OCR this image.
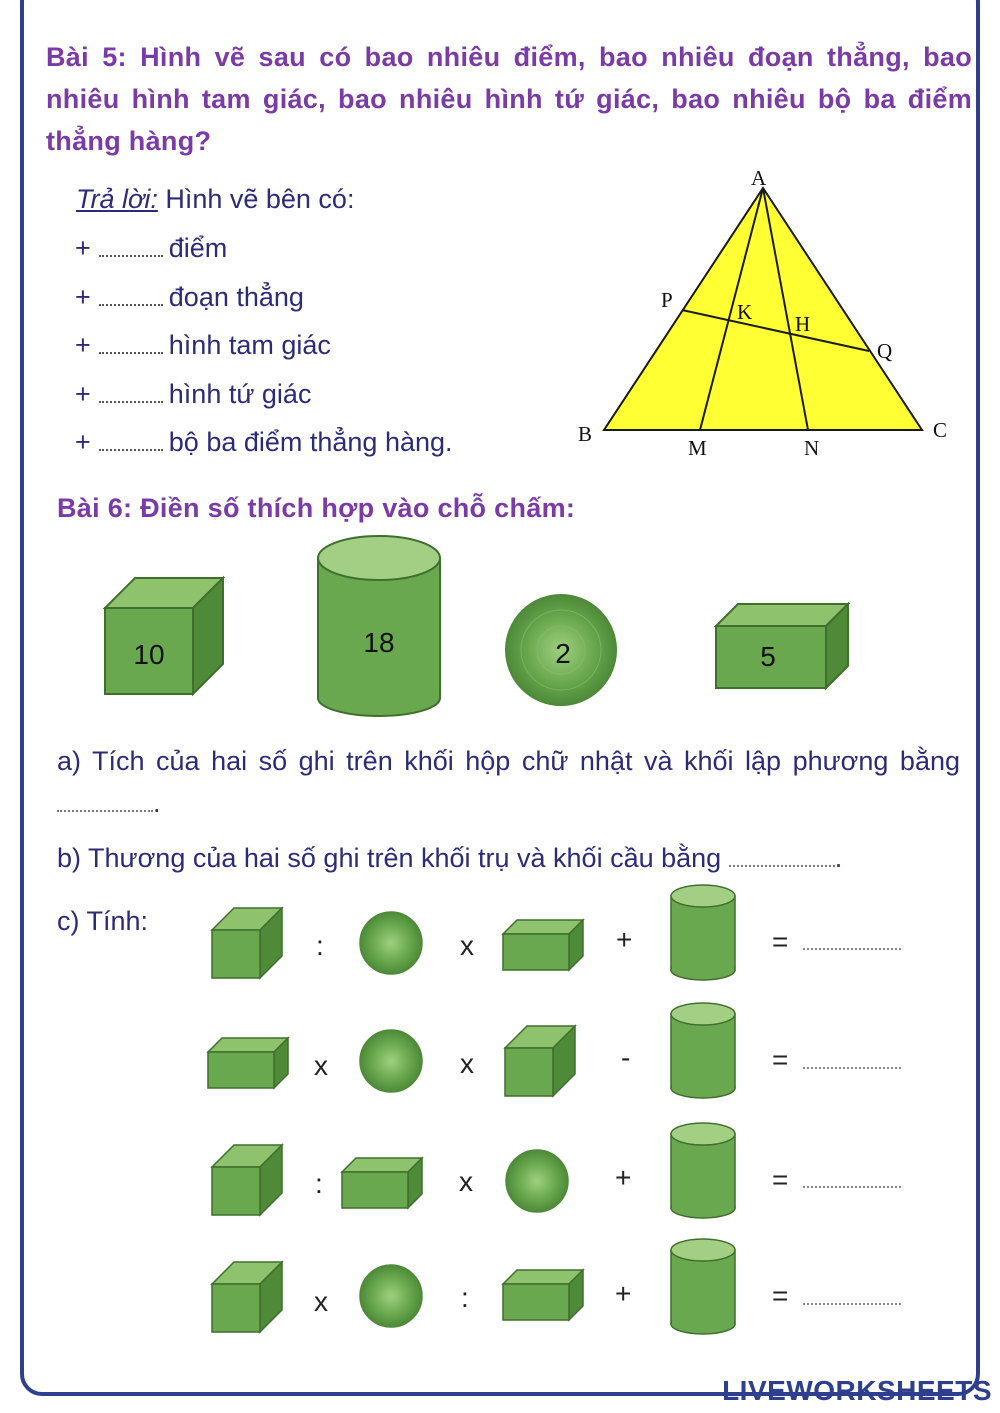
Bài 5: Hình vẽ sau có bao nhiêu điểm, bao nhiêu đoạn thẳng, bao nhiêu hình tam giác, bao nhiêu hình tứ giác, bao nhiêu bộ ba điểm thẳng hàng?
Trả lời: Hình vẽ bên có:
+	điểm
+	đoạn thẳng
+	hình tam giác
+	hình tứ giác
+	bộ ba điểm thẳng hàng.
A
B	C
P
Q
K H
M	N
Bài 6: Điền số thích hợp vào chỗ chấm:
10	18	2	5
a) Tích của hai số ghi trên khối hộp chữ nhật và khối lập phương bằng .
b) Thương của hai số ghi trên khối trụ và khối cầu bằng	.
c) Tính:
:	x	+	=
x	x	-	=
:	x	+	=
x	:	+	=
LIVEWORKSHEETS
